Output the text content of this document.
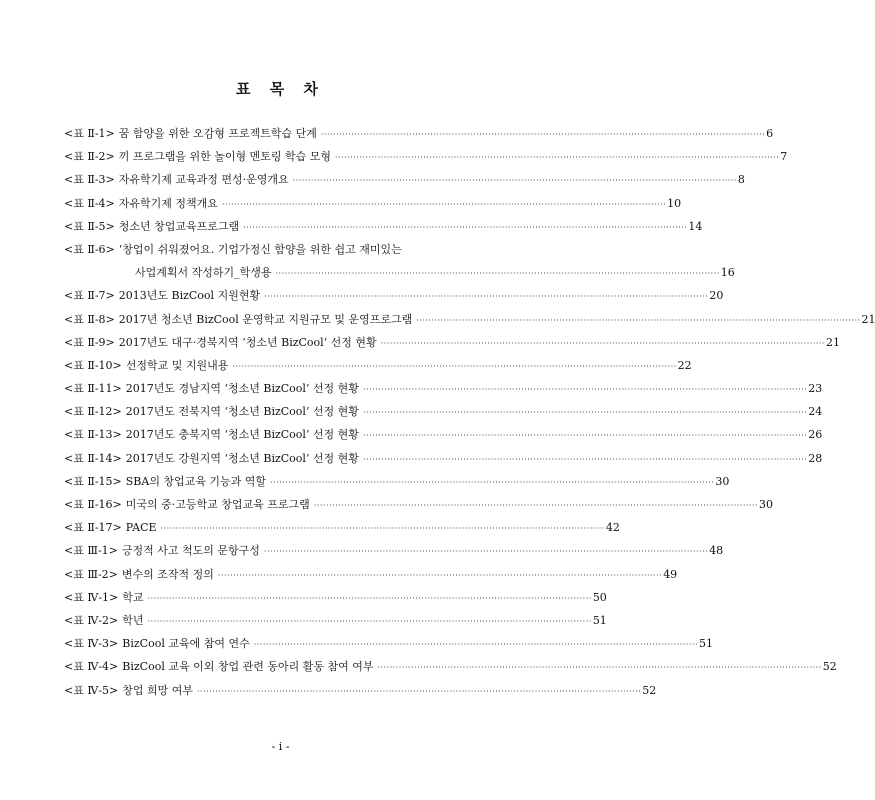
표 목 차
<표 Ⅱ-1> 꿈 함양을 위한 오감형 프로젝트학습 단계 ·····	6
<표 Ⅱ-2> 끼 프로그램을 위한 놀이형 멘토링 학습 모형 ·····	7
<표 Ⅱ-3> 자유학기제 교육과정 편성·운영개요 ·····	8
<표 Ⅱ-4> 자유학기제 정책개요 ·····	10
<표 Ⅱ-5> 청소년 창업교육프로그램 ·····	14
<표 Ⅱ-6> ‘창업이 쉬워졌어요. 기업가정신 함양을 위한 쉽고 재미있는
사업계획서 작성하기_학생용 ·····	16
<표 Ⅱ-7> 2013년도 BizCool 지원현황 ·····	20
<표 Ⅱ-8> 2017년 청소년 BizCool 운영학교 지원규모 및 운영프로그램 ·····	21
<표 Ⅱ-9> 2017년도 대구·경북지역 ‘청소년 BizCool’ 선정 현황 ·····	21
<표 Ⅱ-10> 선정학교 및 지원내용 ·····	22
<표 Ⅱ-11> 2017년도 경남지역 ‘청소년 BizCool’ 선정 현황 ·····	23
<표 Ⅱ-12> 2017년도 전북지역 ‘청소년 BizCool’ 선정 현황 ·····	24
<표 Ⅱ-13> 2017년도 충북지역 ‘청소년 BizCool’ 선정 현황 ·····	26
<표 Ⅱ-14> 2017년도 강원지역 ‘청소년 BizCool’ 선정 현황 ·····	28
<표 Ⅱ-15> SBA의 창업교육 기능과 역할 ·····	30
<표 Ⅱ-16> 미국의 중·고등학교 창업교육 프로그램 ·····	30
<표 Ⅱ-17> PACE ·····	42
<표 Ⅲ-1> 긍정적 사고 척도의 문항구성 ·····	48
<표 Ⅲ-2> 변수의 조작적 정의 ·····	49
<표 Ⅳ-1> 학교 ·····	50
<표 Ⅳ-2> 학년 ·····	51
<표 Ⅳ-3> BizCool 교육에 참여 연수 ·····	51
<표 Ⅳ-4> BizCool 교육 이외 창업 관련 동아리 활동 참여 여부 ·····	52
<표 Ⅳ-5> 창업 희망 여부 ·····	52
- i -
